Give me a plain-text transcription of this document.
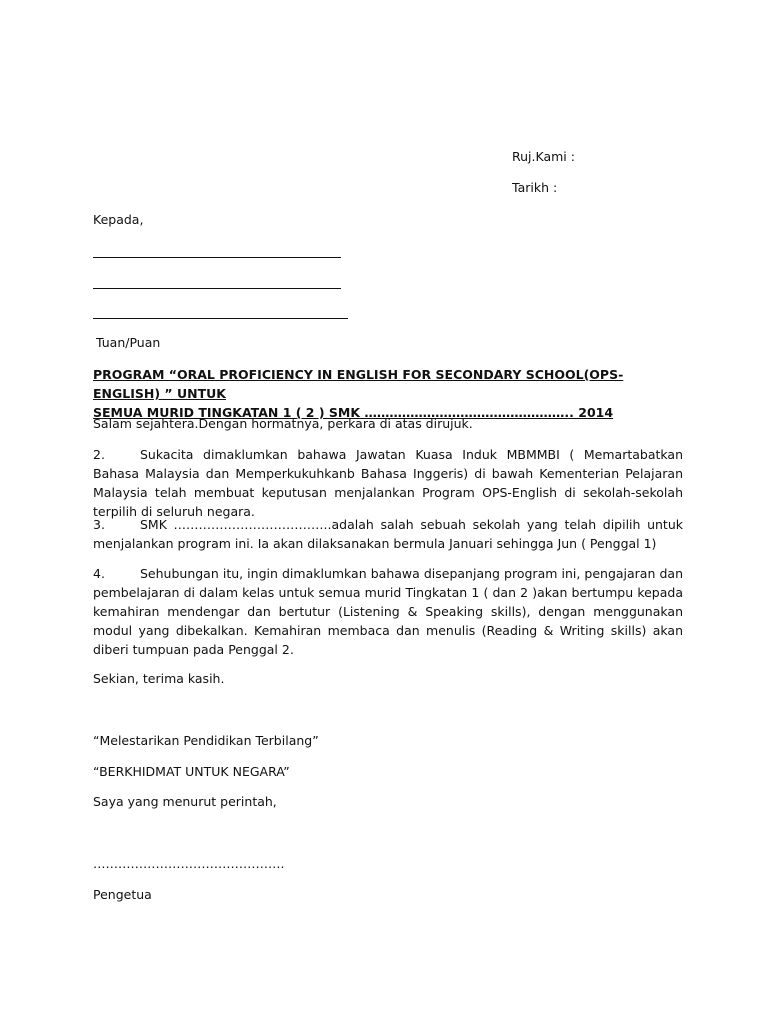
Ruj.Kami :
Tarikh :
Kepada,
Tuan/Puan
PROGRAM “ORAL PROFICIENCY IN ENGLISH FOR SECONDARY SCHOOL(OPS- ENGLISH) ” UNTUK
SEMUA MURID TINGKATAN 1 ( 2 ) SMK ………………………………………….. 2014
Salam sejahtera.Dengan hormatnya, perkara di atas dirujuk.
2.	Sukacita dimaklumkan bahawa Jawatan Kuasa Induk MBMMBI ( Memartabatkan Bahasa Malaysia dan Memperkukuhkanb Bahasa Inggeris) di bawah Kementerian Pelajaran Malaysia telah membuat keputusan menjalankan Program OPS-English di sekolah-sekolah terpilih di seluruh negara.
3.	SMK ………………………………..adalah salah sebuah sekolah yang telah dipilih untuk menjalankan program ini. Ia akan dilaksanakan bermula Januari sehingga Jun ( Penggal 1)
4.	Sehubungan itu, ingin dimaklumkan bahawa disepanjang program ini, pengajaran dan pembelajaran di dalam kelas untuk semua murid Tingkatan 1 ( dan 2 )akan bertumpu kepada kemahiran mendengar dan bertutur (Listening & Speaking skills), dengan menggunakan modul yang dibekalkan. Kemahiran membaca dan menulis (Reading & Writing skills) akan diberi tumpuan pada Penggal 2.
Sekian, terima kasih.
“Melestarikan Pendidikan Terbilang”
“BERKHIDMAT UNTUK NEGARA”
Saya yang menurut perintah,
……………………………………….
Pengetua
